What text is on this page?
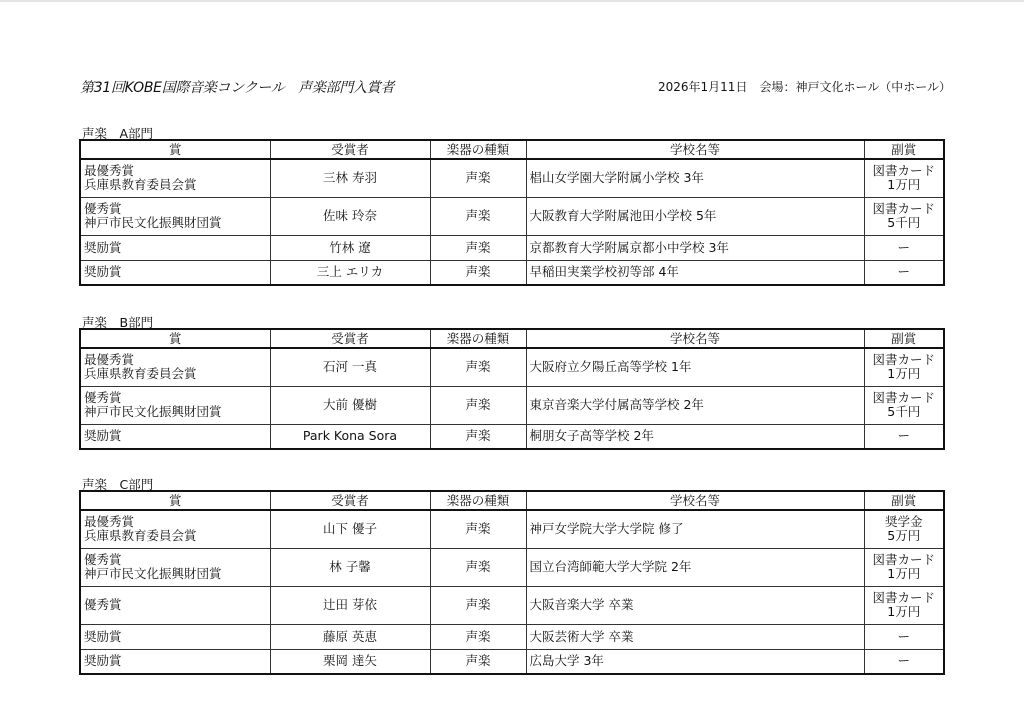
第31回KOBE国際音楽コンクール　声楽部門入賞者	2026年1月11日　会場：神戸文化ホール（中ホール）
声楽　A部門
賞	受賞者	楽器の種類	学校名等	副賞

最優秀賞
兵庫県教育委員会賞	三林 寿羽	声楽	椙山女学園大学附属小学校 3年	図書カード
1万円

優秀賞
神戸市民文化振興財団賞	佐味 玲奈	声楽	大阪教育大学附属池田小学校 5年	図書カード
5千円

奨励賞	竹林 遼	声楽	京都教育大学附属京都小中学校 3年	ー

奨励賞	三上 エリカ	声楽	早稲田実業学校初等部 4年	ー
声楽　B部門
賞	受賞者	楽器の種類	学校名等	副賞

最優秀賞
兵庫県教育委員会賞	石河 一真	声楽	大阪府立夕陽丘高等学校 1年	図書カード
1万円

優秀賞
神戸市民文化振興財団賞	大前 優樹	声楽	東京音楽大学付属高等学校 2年	図書カード
5千円

奨励賞	Park Kona Sora	声楽	桐朋女子高等学校 2年	ー
声楽　C部門
賞	受賞者	楽器の種類	学校名等	副賞

最優秀賞
兵庫県教育委員会賞	山下 優子	声楽	神戸女学院大学大学院 修了	奨学金
5万円

優秀賞
神戸市民文化振興財団賞	林 子馨	声楽	国立台湾師範大学大学院 2年	図書カード
1万円

優秀賞	辻田 芽依	声楽	大阪音楽大学 卒業	図書カード
1万円

奨励賞	藤原 英恵	声楽	大阪芸術大学 卒業	ー

奨励賞	栗岡 達矢	声楽	広島大学 3年	ー
